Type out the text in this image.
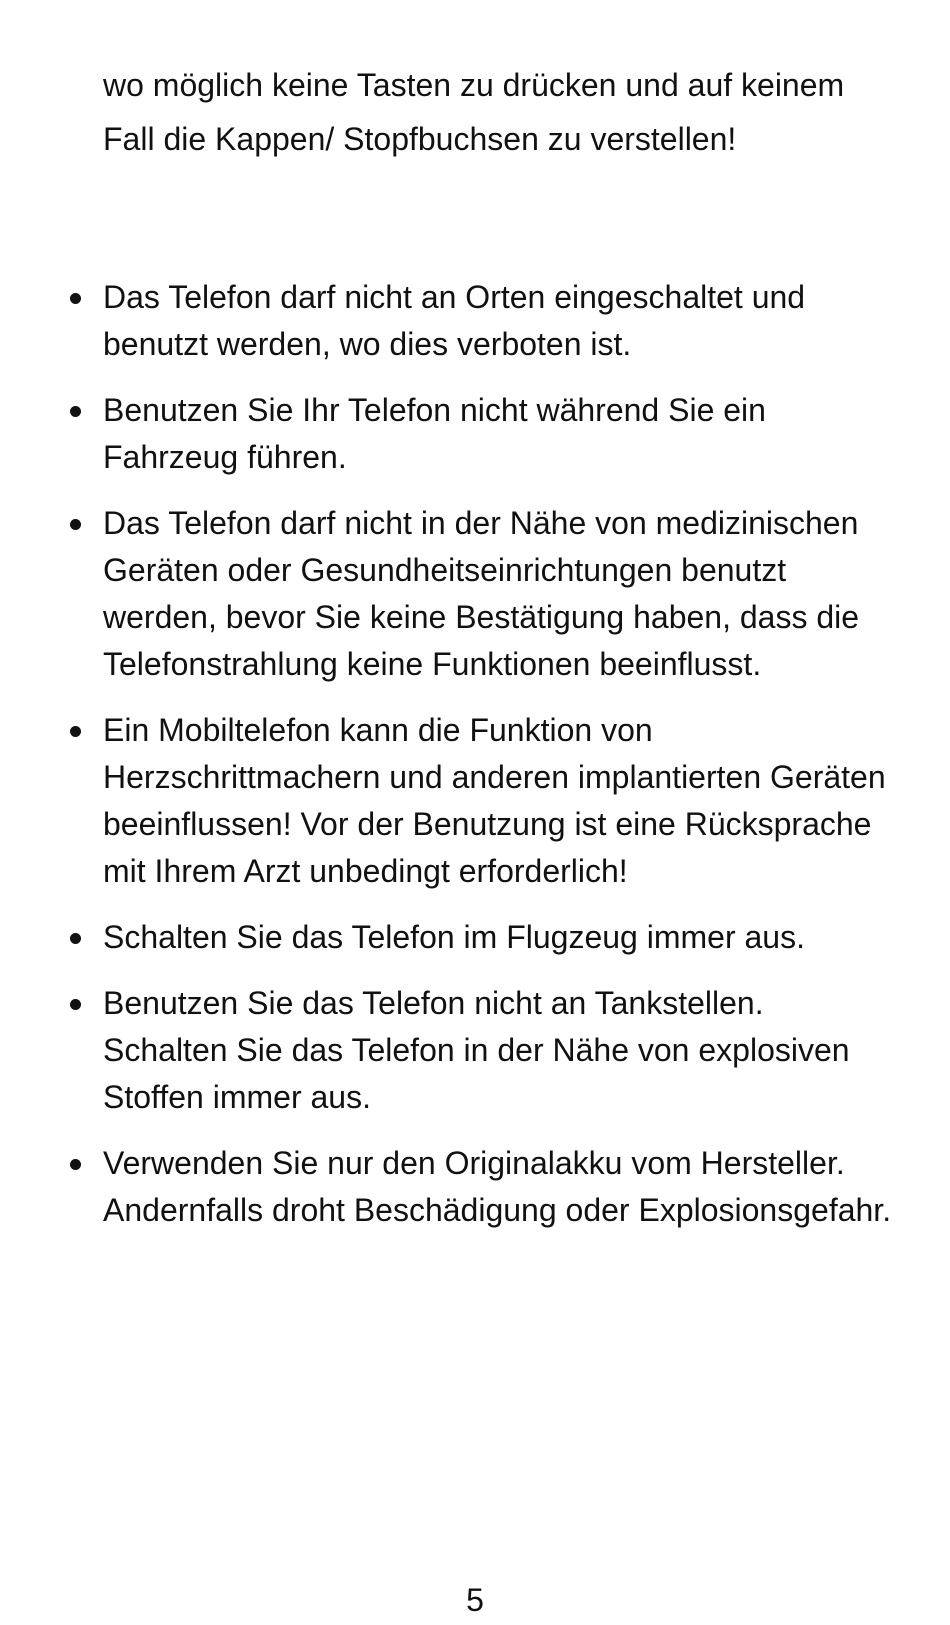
wo möglich keine Tasten zu drücken und auf keinem Fall die Kappen/ Stopfbuchsen zu verstellen!

Das Telefon darf nicht an Orten eingeschaltet und benutzt werden, wo dies verboten ist.
Benutzen Sie Ihr Telefon nicht während Sie ein Fahrzeug führen.
Das Telefon darf nicht in der Nähe von medizinischen Geräten oder Gesundheitseinrichtungen benutzt werden, bevor Sie keine Bestätigung haben, dass die Telefonstrahlung keine Funktionen beeinflusst.
Ein Mobiltelefon kann die Funktion von Herzschrittmachern und anderen implantierten Geräten beeinflussen! Vor der Benutzung ist eine Rücksprache mit Ihrem Arzt unbedingt erforderlich!
Schalten Sie das Telefon im Flugzeug immer aus.
Benutzen Sie das Telefon nicht an Tankstellen. Schalten Sie das Telefon in der Nähe von explosiven Stoffen immer aus.
Verwenden Sie nur den Originalakku vom Hersteller. Andernfalls droht Beschädigung oder Explosionsgefahr.

5
